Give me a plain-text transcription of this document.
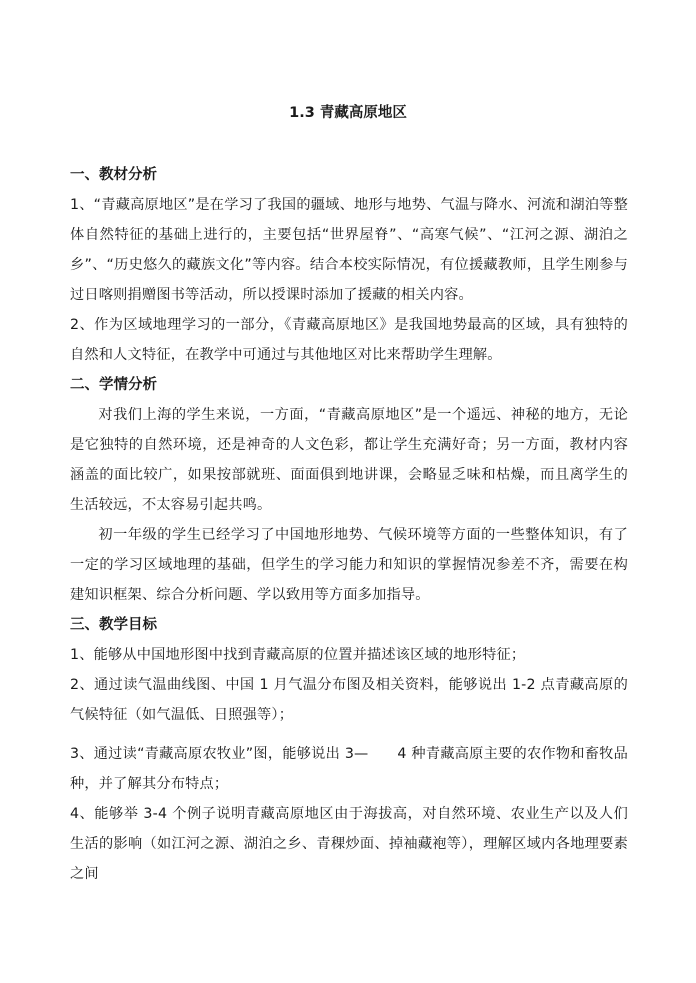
1.3 青藏高原地区
一、教材分析

1、“青藏高原地区”是在学习了我国的疆域、地形与地势、气温与降水、河流和湖泊等整体自然特征的基础上进行的，主要包括“世界屋脊”、“高寒气候”、“江河之源、湖泊之乡”、“历史悠久的藏族文化”等内容。结合本校实际情况，有位援藏教师，且学生刚参与过日喀则捐赠图书等活动，所以授课时添加了援藏的相关内容。

2、作为区域地理学习的一部分，《青藏高原地区》是我国地势最高的区域，具有独特的自然和人文特征，在教学中可通过与其他地区对比来帮助学生理解。

二、学情分析

对我们上海的学生来说，一方面，“青藏高原地区”是一个遥远、神秘的地方，无论是它独特的自然环境，还是神奇的人文色彩，都让学生充满好奇；另一方面，教材内容涵盖的面比较广，如果按部就班、面面俱到地讲课，会略显乏味和枯燥，而且离学生的生活较远，不太容易引起共鸣。

初一年级的学生已经学习了中国地形地势、气候环境等方面的一些整体知识，有了一定的学习区域地理的基础，但学生的学习能力和知识的掌握情况参差不齐，需要在构建知识框架、综合分析问题、学以致用等方面多加指导。

三、教学目标

1、能够从中国地形图中找到青藏高原的位置并描述该区域的地形特征；

2、通过读气温曲线图、中国 1 月气温分布图及相关资料，能够说出 1-2 点青藏高原的气候特征（如气温低、日照强等）；

3、通过读“青藏高原农牧业”图，能够说出 3—　　4 种青藏高原主要的农作物和畜牧品种，并了解其分布特点；

4、能够举 3-4 个例子说明青藏高原地区由于海拔高，对自然环境、农业生产以及人们生活的影响（如江河之源、湖泊之乡、青稞炒面、掉袖藏袍等），理解区域内各地理要素之间
